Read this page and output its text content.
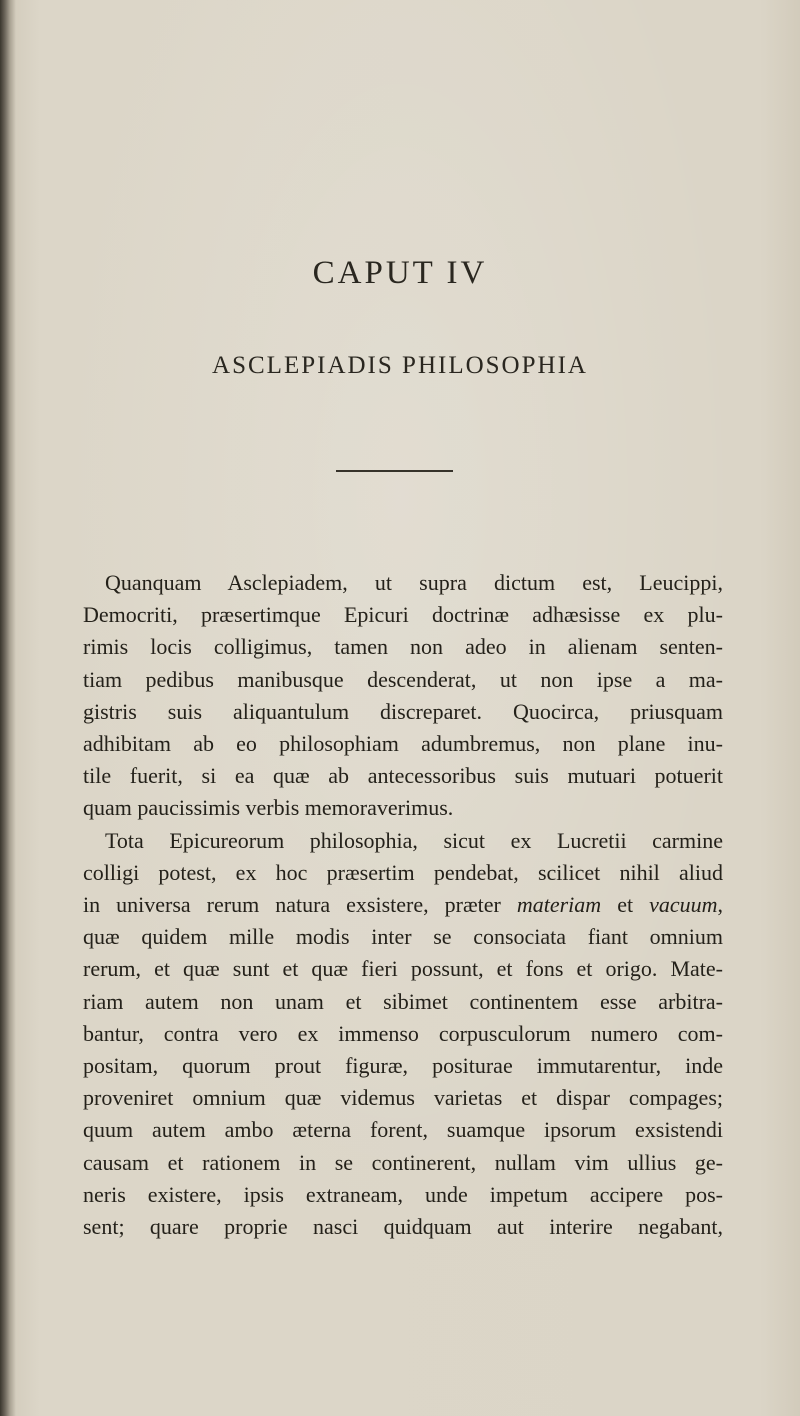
CAPUT IV
ASCLEPIADIS PHILOSOPHIA

Quanquam Asclepiadem, ut supra dictum est, Leucippi,
Democriti, præsertimque Epicuri doctrinæ adhæsisse ex plu-
rimis locis colligimus, tamen non adeo in alienam senten-
tiam pedibus manibusque descenderat, ut non ipse a ma-
gistris suis aliquantulum discreparet. Quocirca, priusquam
adhibitam ab eo philosophiam adumbremus, non plane inu-
tile fuerit, si ea quæ ab antecessoribus suis mutuari potuerit
quam paucissimis verbis memoraverimus.

Tota Epicureorum philosophia, sicut ex Lucretii carmine
colligi potest, ex hoc præsertim pendebat, scilicet nihil aliud
in universa rerum natura exsistere, præter materiam et vacuum,
quæ quidem mille modis inter se consociata fiant omnium
rerum, et quæ sunt et quæ fieri possunt, et fons et origo. Mate-
riam autem non unam et sibimet continentem esse arbitra-
bantur, contra vero ex immenso corpusculorum numero com-
positam, quorum prout figuræ, positurae immutarentur, inde
proveniret omnium quæ videmus varietas et dispar compages;
quum autem ambo æterna forent, suamque ipsorum exsistendi
causam et rationem in se continerent, nullam vim ullius ge-
neris existere, ipsis extraneam, unde impetum accipere pos-
sent; quare proprie nasci quidquam aut interire negabant,
